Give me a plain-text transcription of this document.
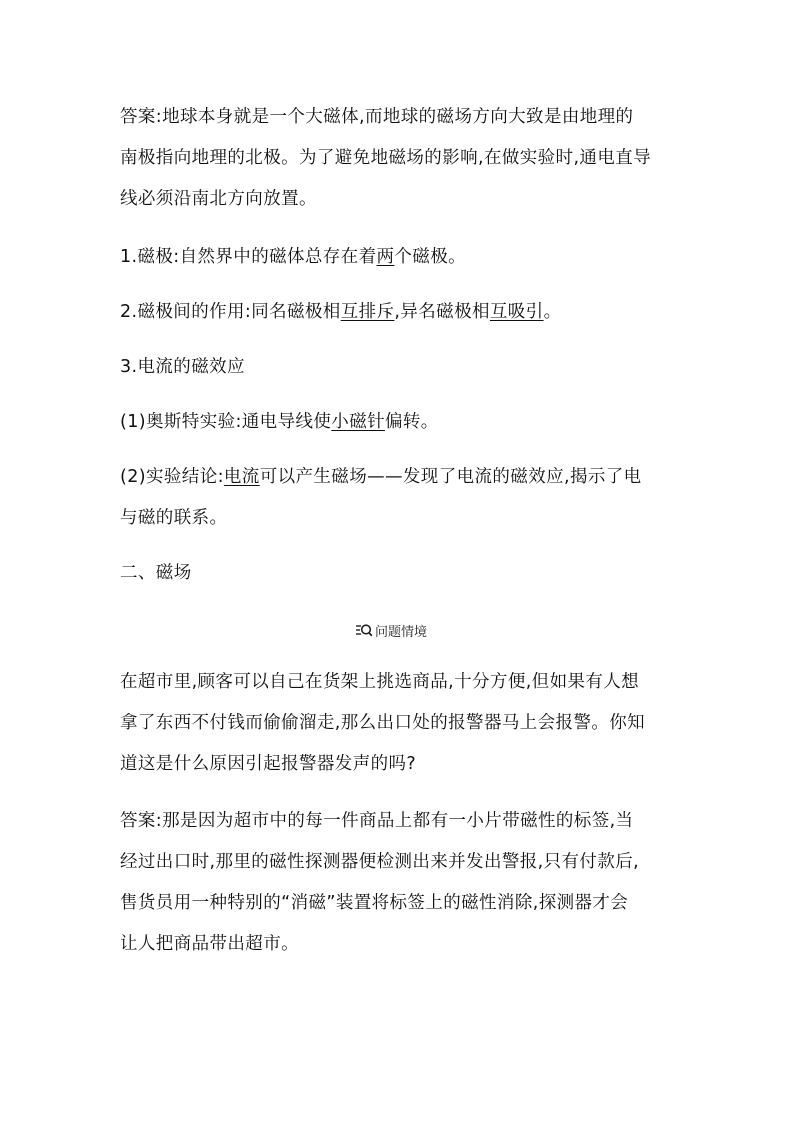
答案:地球本身就是一个大磁体,而地球的磁场方向大致是由地理的

南极指向地理的北极。为了避免地磁场的影响,在做实验时,通电直导

线必须沿南北方向放置。

1.磁极:自然界中的磁体总存在着两个磁极。

2.磁极间的作用:同名磁极相互排斥,异名磁极相互吸引。

3.电流的磁效应

(1)奥斯特实验:通电导线使小磁针偏转。

(2)实验结论:电流可以产生磁场——发现了电流的磁效应,揭示了电

与磁的联系。

二、磁场

问题情境

在超市里,顾客可以自己在货架上挑选商品,十分方便,但如果有人想

拿了东西不付钱而偷偷溜走,那么出口处的报警器马上会报警。你知

道这是什么原因引起报警器发声的吗?

答案:那是因为超市中的每一件商品上都有一小片带磁性的标签,当

经过出口时,那里的磁性探测器便检测出来并发出警报,只有付款后,

售货员用一种特别的“消磁”装置将标签上的磁性消除,探测器才会

让人把商品带出超市。
